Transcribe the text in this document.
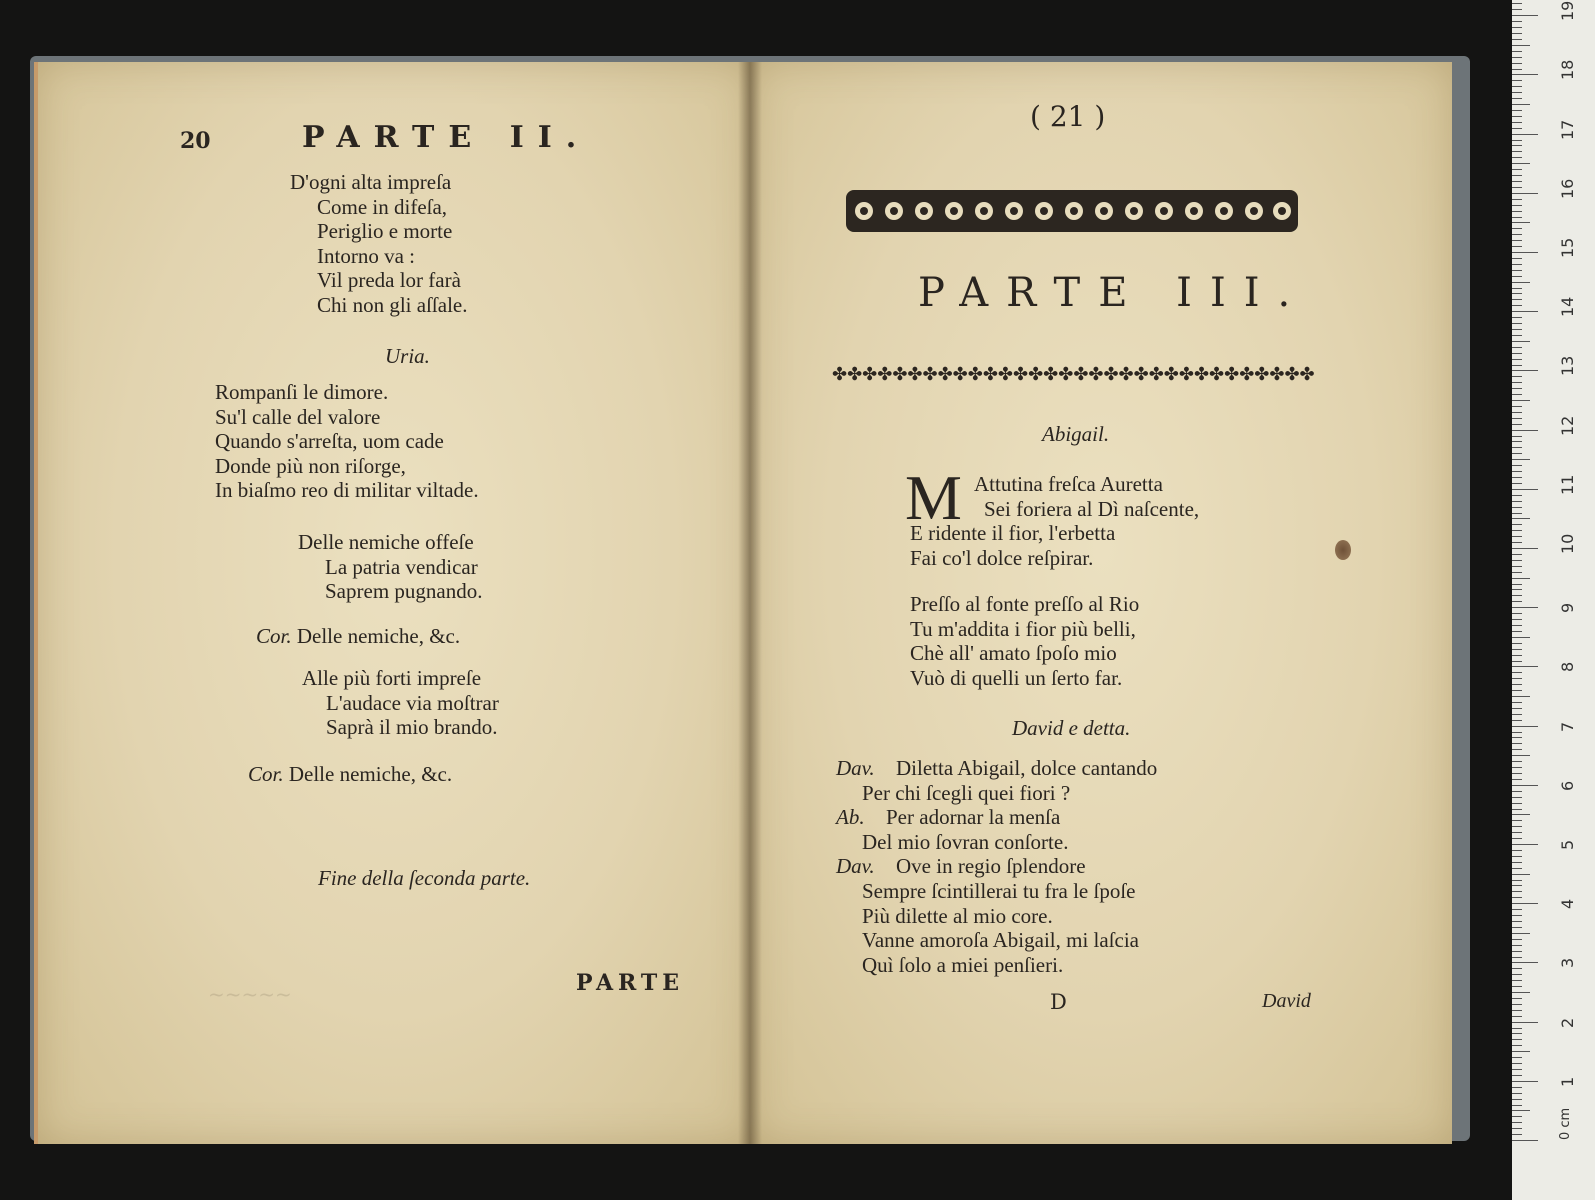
~~~~~
20	PARTE II.
D'ogni alta impreſa
Come in difeſa,
Periglio e morte
Intorno va :
Vil preda lor farà
Chi non gli aſſale.
Uria.
Rompanſi le dimore.
Su'l calle del valore
Quando s'arreſta, uom cade
Donde più non riſorge,
In biaſmo reo di militar viltade.
Delle nemiche offeſe
La patria vendicar
Saprem pugnando.
Cor. Delle nemiche, &c.
Alle più forti impreſe
L'audace via moſtrar
Saprà il mio brando.
Cor. Delle nemiche, &c.
Fine della ſeconda parte.
PARTE
( 21 )
PARTE III.
✤✤✤✤✤✤✤✤✤✤✤✤✤✤✤✤✤✤✤✤✤✤✤✤✤✤✤✤✤✤✤✤
Abigail.
M Attutina freſca Auretta
Sei foriera al Dì naſcente,
E ridente il fior, l'erbetta
Fai co'l dolce reſpirar.
Preſſo al fonte preſſo al Rio
Tu m'addita i fior più belli,
Chè all' amato ſpoſo mio
Vuò di quelli un ſerto far.
David e detta.
Dav. Diletta Abigail, dolce cantando
Per chi ſcegli quei fiori ?
Ab. Per adornar la menſa
Del mio ſovran conſorte.
Dav. Ove in regio ſplendore
Sempre ſcintillerai tu fra le ſpoſe
Più dilette al mio core.
Vanne amoroſa Abigail, mi laſcia
Quì ſolo a miei penſieri.
D	David
0 cm
1
2
3
4
5
6
7
8
9
10
11
12
13
14
15
16
17
18
19
